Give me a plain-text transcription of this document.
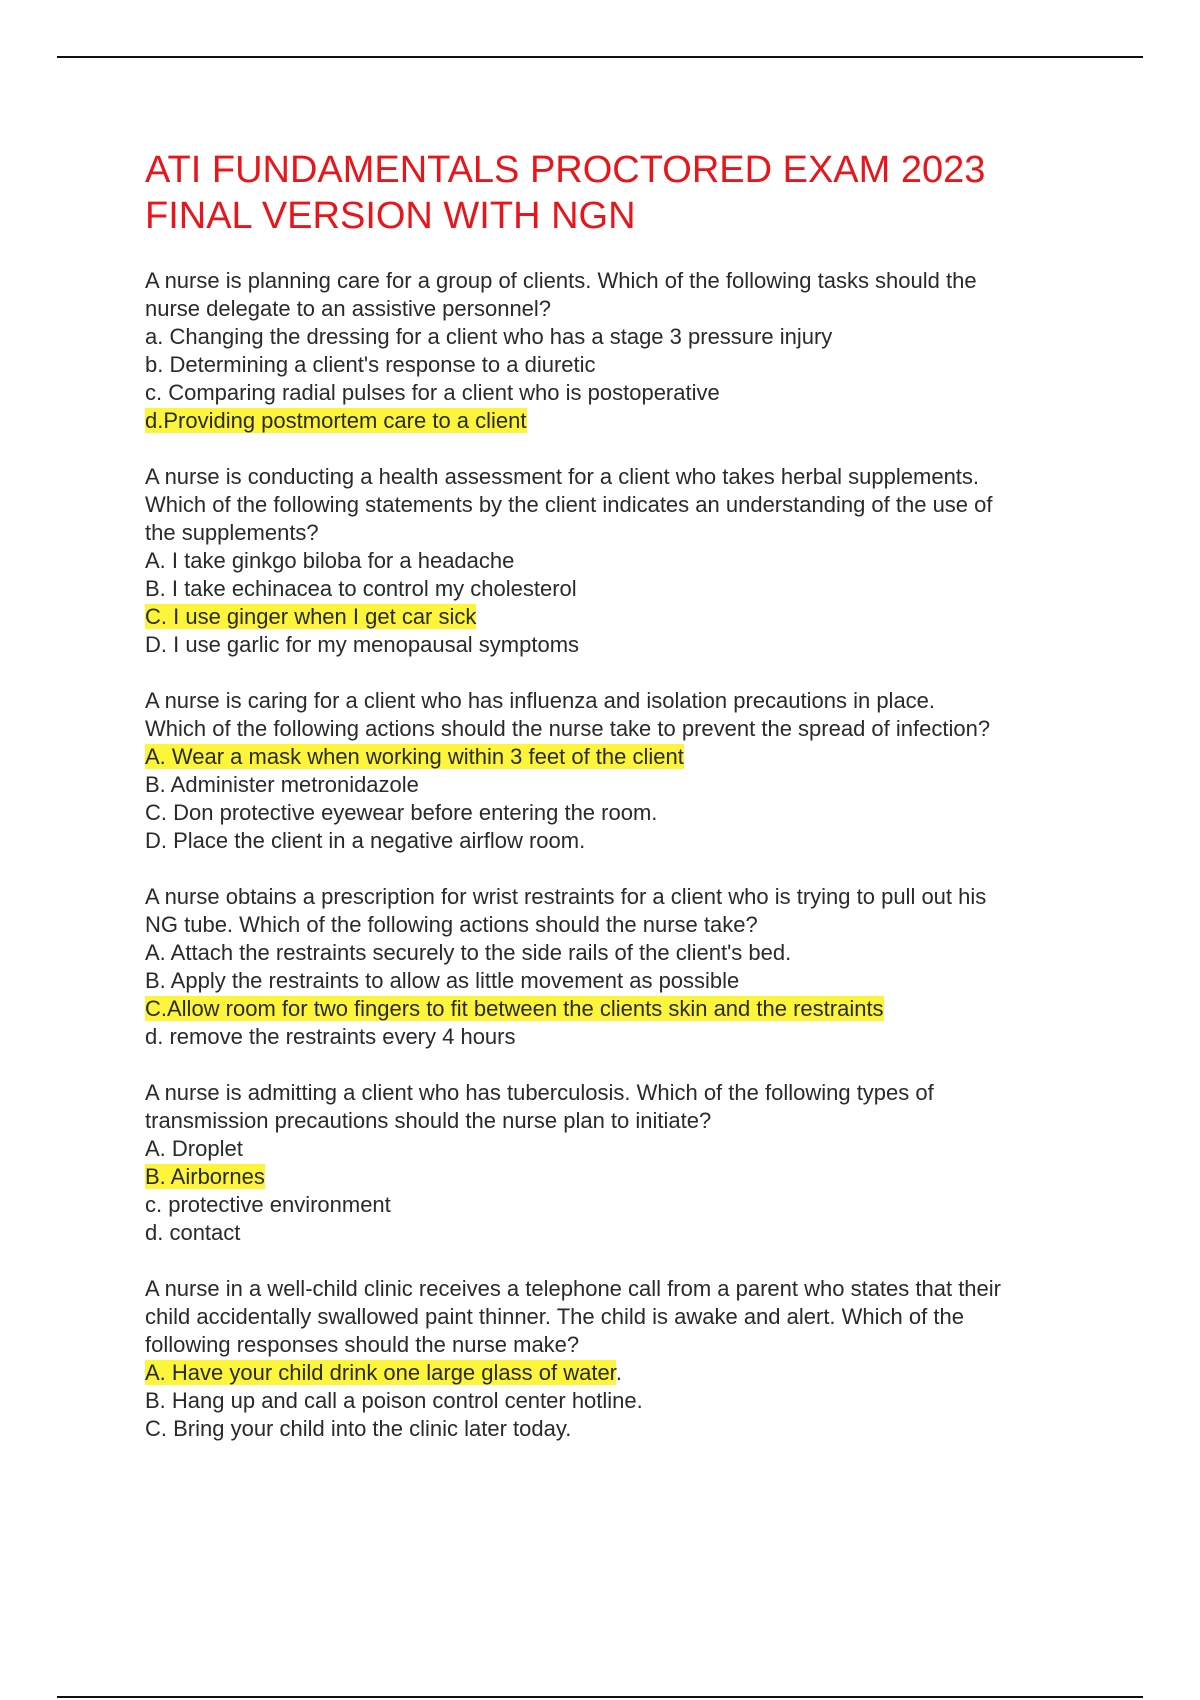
ATI FUNDAMENTALS PROCTORED EXAM 2023
FINAL VERSION WITH NGN
A nurse is planning care for a group of clients. Which of the following tasks should the
nurse delegate to an assistive personnel?
a. Changing the dressing for a client who has a stage 3 pressure injury
b. Determining a client's response to a diuretic
c. Comparing radial pulses for a client who is postoperative
d.Providing postmortem care to a client
A nurse is conducting a health assessment for a client who takes herbal supplements.
Which of the following statements by the client indicates an understanding of the use of
the supplements?
A. I take ginkgo biloba for a headache
B. I take echinacea to control my cholesterol
C. I use ginger when I get car sick
D. I use garlic for my menopausal symptoms
A nurse is caring for a client who has influenza and isolation precautions in place.
Which of the following actions should the nurse take to prevent the spread of infection?
A. Wear a mask when working within 3 feet of the client
B. Administer metronidazole
C. Don protective eyewear before entering the room.
D. Place the client in a negative airflow room.
A nurse obtains a prescription for wrist restraints for a client who is trying to pull out his
NG tube. Which of the following actions should the nurse take?
A. Attach the restraints securely to the side rails of the client's bed.
B. Apply the restraints to allow as little movement as possible
C.Allow room for two fingers to fit between the clients skin and the restraints
d. remove the restraints every 4 hours
A nurse is admitting a client who has tuberculosis. Which of the following types of
transmission precautions should the nurse plan to initiate?
A. Droplet
B. Airbornes
c. protective environment
d. contact
A nurse in a well-child clinic receives a telephone call from a parent who states that their
child accidentally swallowed paint thinner. The child is awake and alert. Which of the
following responses should the nurse make?
A. Have your child drink one large glass of water.
B. Hang up and call a poison control center hotline.
C. Bring your child into the clinic later today.
